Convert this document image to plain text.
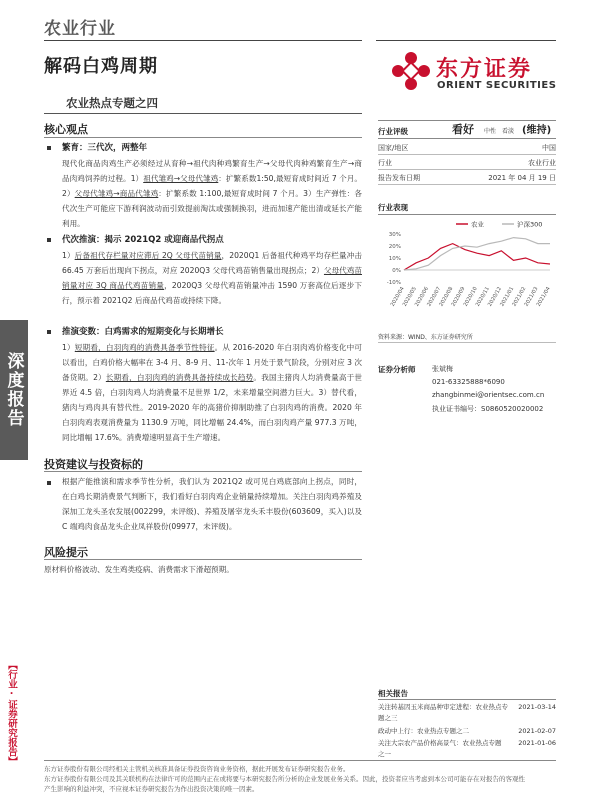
农业行业
解码白鸡周期
农业热点专题之四
东方证券
ORIENT SECURITIES
深度报告
【行业·证券研究报告】
核心观点
繁育：三代次，两整年
现代化商品肉鸡生产必须经过从育种→祖代肉种鸡繁育生产→父母代肉种鸡繁育生产→商品肉鸡饲养的过程。1）祖代雏鸡→父母代雏鸡：扩繁系数1:50,最短育成时间近 7 个月。2）父母代雏鸡→商品代雏鸡：扩繁系数 1:100,最短育成时间 7 个月。3）生产弹性：各代次生产可能应下游利润波动而引致提前淘汰或强制换羽，进而加速产能出清或延长产能利用。
代次推演：揭示 2021Q2 或迎商品代拐点
1）后备祖代存栏量对应滞后 2Q 父母代苗销量，2020Q1 后备祖代种鸡平均存栏量冲击 66.45 万套后出现向下拐点，对应 2020Q3 父母代鸡苗销售量出现拐点；2）父母代鸡苗销量对应 3Q 商品代鸡苗销量，2020Q3 父母代鸡苗销量冲击 1590 万套高位后逐步下行，预示着 2021Q2 后商品代鸡苗或持续下降。
推演变数：白鸡需求的短期变化与长期增长
1）短期看，白羽肉鸡的消费具备季节性特征。从 2016-2020 年白羽肉鸡价格变化中可以看出，白鸡价格大幅率在 3-4 月、8-9 月、11-次年 1 月处于景气阶段，分别对应 3 次备货期。2）长期看，白羽肉鸡的消费具备持续成长趋势。我国主猪肉人均消费量高于世界近 4.5 倍，白羽肉鸡人均消费量不足世界 1/2，未来增量空间潜力巨大。3）替代看，猪肉与鸡肉具有替代性。2019-2020 年的高猪价抑制助推了白羽肉鸡的消费。2020 年白羽肉鸡表观消费量为 1130.9 万吨，同比增幅 24.4%，而白羽肉鸡产量 977.3 万吨，同比增幅 17.6%。消费增速明显高于生产增速。
投资建议与投资标的
根据产能推演和需求季节性分析，我们认为 2021Q2 或可见白鸡底部向上拐点，同时，在白鸡长期消费景气判断下，我们看好白羽肉鸡企业销量持续增加。关注白羽肉鸡养殖及深加工龙头圣农发展(002299，未评级)、养殖及屠宰龙头禾丰股份(603609，买入)以及 C 端鸡肉食品龙头企业凤祥股份(09977，未评级)。
风险提示
原材料价格波动、发生鸡类疫病、消费需求下滑超预期。
行业评级	看好 中性 看淡 (维持)
国家/地区	中国
行业	农业行业
报告发布日期	2021 年 04 月 19 日
行业表现
30%
20%
10%
0%
-10%
2020/04
2020/05
2020/06
2020/07
2020/08
2020/09
2020/10
2020/11
2020/12
2021/01
2021/02
2021/03
2021/04
农业	沪深300
资料来源：WIND、东方证券研究所
证券分析师 张斌梅
021-63325888*6090
zhangbinmei@orientsec.com.cn
执业证书编号：S0860520020002
相关报告
关注转基因玉米商品种审定进程：农业热点专 2021-03-14
题之三
政动中上行：农业热点专题之二	2021-02-07
关注大宗农产品价格高景气：农业热点专题	2021-01-06
之一
东方证券股份有限公司经相关主管机关核准具备证券投资咨询业务资格，据此开展发布证券研究报告业务。
东方证券股份有限公司及其关联机构在法律许可的范围内正在或将要与本研究报告所分析的企业发展业务关系。因此，投资者应当考虑到本公司可能存在对报告的客观性
产生影响的利益冲突，不应视本证券研究报告为作出投资决策的唯一因素。
